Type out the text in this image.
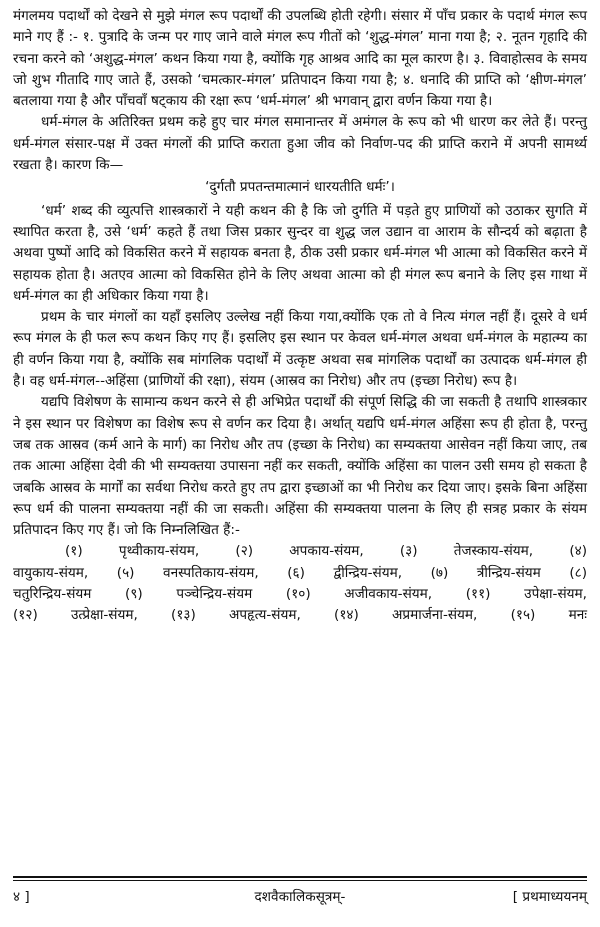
मंगलमय पदार्थों को देखने से मुझे मंगल रूप पदार्थों की उपलब्धि होती रहेगी। संसार में पाँच प्रकार के पदार्थ मंगल रूप माने गए हैं :- १. पुत्रादि के जन्म पर गाए जाने वाले मंगल रूप गीतों को ‘शुद्ध-मंगल’ माना गया है; २. नूतन गृहादि की रचना करने को ‘अशुद्ध-मंगल’ कथन किया गया है, क्योंकि गृह आश्रव आदि का मूल कारण है। ३. विवाहोत्सव के समय जो शुभ गीतादि गाए जाते हैं, उसको ‘चमत्कार-मंगल’ प्रतिपादन किया गया है; ४. धनादि की प्राप्ति को ‘क्षीण-मंगल’ बतलाया गया है और पाँचवाँ षट्काय की रक्षा रूप ‘धर्म-मंगल’ श्री भगवान् द्वारा वर्णन किया गया है।

धर्म-मंगल के अतिरिक्त प्रथम कहे हुए चार मंगल समानान्तर में अमंगल के रूप को भी धारण कर लेते हैं। परन्तु धर्म-मंगल संसार-पक्ष में उक्त मंगलों की प्राप्ति कराता हुआ जीव को निर्वाण-पद की प्राप्ति कराने में अपनी सामर्थ्य रखता है। कारण कि—

‘दुर्गतौ प्रपतन्तमात्मानं धारयतीति धर्मः’।

‘धर्म’ शब्द की व्युत्पत्ति शास्त्रकारों ने यही कथन की है कि जो दुर्गति में पड़ते हुए प्राणियों को उठाकर सुगति में स्थापित करता है, उसे ‘धर्म’ कहते हैं तथा जिस प्रकार सुन्दर वा शुद्ध जल उद्यान वा आराम के सौन्दर्य को बढ़ाता है अथवा पुष्पों आदि को विकसित करने में सहायक बनता है, ठीक उसी प्रकार धर्म-मंगल भी आत्मा को विकसित करने में सहायक होता है। अतएव आत्मा को विकसित होने के लिए अथवा आत्मा को ही मंगल रूप बनाने के लिए इस गाथा में धर्म-मंगल का ही अधिकार किया गया है।

प्रथम के चार मंगलों का यहाँ इसलिए उल्लेख नहीं किया गया,क्योंकि एक तो वे नित्य मंगल नहीं हैं। दूसरे वे धर्म रूप मंगल के ही फल रूप कथन किए गए हैं। इसलिए इस स्थान पर केवल धर्म-मंगल अथवा धर्म-मंगल के महात्म्य का ही वर्णन किया गया है, क्योंकि सब मांगलिक पदार्थों में उत्कृष्ट अथवा सब मांगलिक पदार्थों का उत्पादक धर्म-मंगल ही है। वह धर्म-मंगल--अहिंसा (प्राणियों की रक्षा), संयम (आस्रव का निरोध) और तप (इच्छा निरोध) रूप है।

यद्यपि विशेषण के सामान्य कथन करने से ही अभिप्रेत पदार्थों की संपूर्ण सिद्धि की जा सकती है तथापि शास्त्रकार ने इस स्थान पर विशेषण का विशेष रूप से वर्णन कर दिया है। अर्थात् यद्यपि धर्म-मंगल अहिंसा रूप ही होता है, परन्तु जब तक आस्रव (कर्म आने के मार्ग) का निरोध और तप (इच्छा के निरोध) का सम्यक्तया आसेवन नहीं किया जाए, तब तक आत्मा अहिंसा देवी की भी सम्यक्तया उपासना नहीं कर सकती, क्योंकि अहिंसा का पालन उसी समय हो सकता है जबकि आस्रव के मार्गों का सर्वथा निरोध करते हुए तप द्वारा इच्छाओं का भी निरोध कर दिया जाए। इसके बिना अहिंसा रूप धर्म की पालना सम्यक्तया नहीं की जा सकती। अहिंसा की सम्यक्तया पालना के लिए ही सत्रह प्रकार के संयम प्रतिपादन किए गए हैं। जो कि निम्नलिखित हैं:-

(१) पृथ्वीकाय-संयम, (२) अपकाय-संयम, (३) तेजस्काय-संयम, (४)

वायुकाय-संयम, (५) वनस्पतिकाय-संयम, (६) द्वीन्द्रिय-संयम, (७) त्रीन्द्रिय-संयम (८)

चतुरिन्द्रिय-संयम (९) पञ्चेन्द्रिय-संयम (१०) अजीवकाय-संयम, (११) उपेक्षा-संयम,

(१२) उत्प्रेक्षा-संयम, (१३) अपहृत्य-संयम, (१४) अप्रमार्जना-संयम, (१५) मनः

४ ]	दशवैकालिकसूत्रम्-	[ प्रथमाध्ययनम्
